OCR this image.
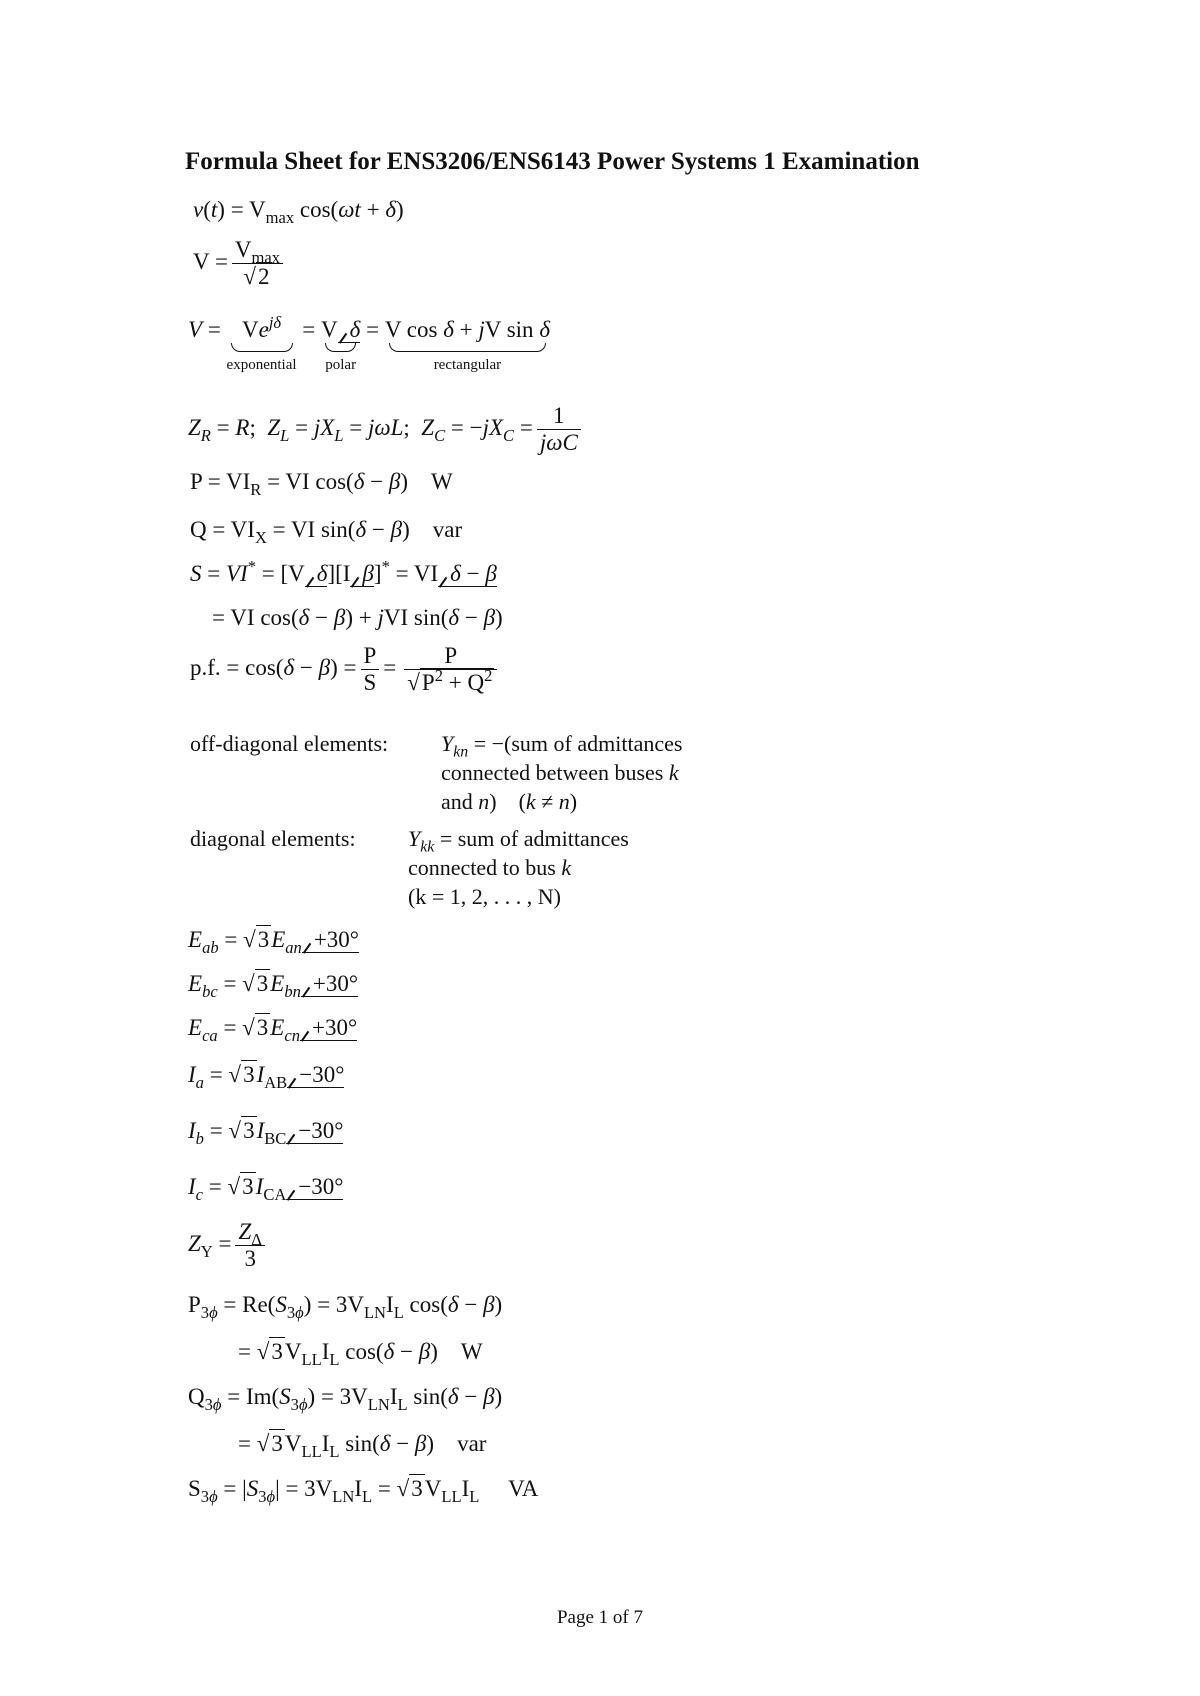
Formula Sheet for ENS3206/ENS6143 Power Systems 1 Examination
$v(t) = V_{max}$ cos(ωt + δ)
$V = \frac{V_{max}}{√2}$
$V = Ve^{j\delta}$
exponential
= V δ
polar
= V cos δ + jV sin δ
rectangular
$Z_R = R$;  $Z_L = jX_L = j\omega L$;  $Z_C = -jX_C = \frac{1}{\text{jωC}}$
$P = VI_R$ = VI cos(δ − β)    W
$Q = VI_X$ = VI sin(δ − β)    var
S = VI* = [V δ][I β]* = VI δ − β
= VI cos(δ − β) + jVI sin(δ − β)
p.f. = $\cos(\delta - \beta) = \frac{P}{S} = \frac{P}{√P^2 + Q^2}$
off-diagonal elements: $Y_{kn} = -(sum$ of admittances
connected between buses k
and n)    (k ≠ n)
diagonal elements: $Y_{kk}$ = sum of admittances
connected to bus k
(k = 1, 2, . . . , N)
$E_{ab} = √3E_{an} +30^\circ$
$E_{bc} = √3E_{bn} +30^\circ$
$E_{ca} = √3E_{cn} +30^\circ$
$I_a = √3I_{AB} -30^\circ$
$I_b = √3I_{BC} -30^\circ$
$I_c = √3I_{CA} -30^\circ$
$Z_Y = \frac{Z_\Delta}{3}$
$P_{3\phi} = Re(S_{3\phi}) = 3V_{LN}I_L$ cos(δ − β)
= $√3V_{LL}I_L$ cos(δ − β)    W
$Q_{3\phi} = Im(S_{3\phi}) = 3V_{LN}I_L$ sin(δ − β)
= $√3V_{LL}I_L$ sin(δ − β)    var
$S_{3\phi} = |S_{3\phi}| = 3V_{LN}I_L = √3V_{LL}I_L$ VA
Page 1 of 7
